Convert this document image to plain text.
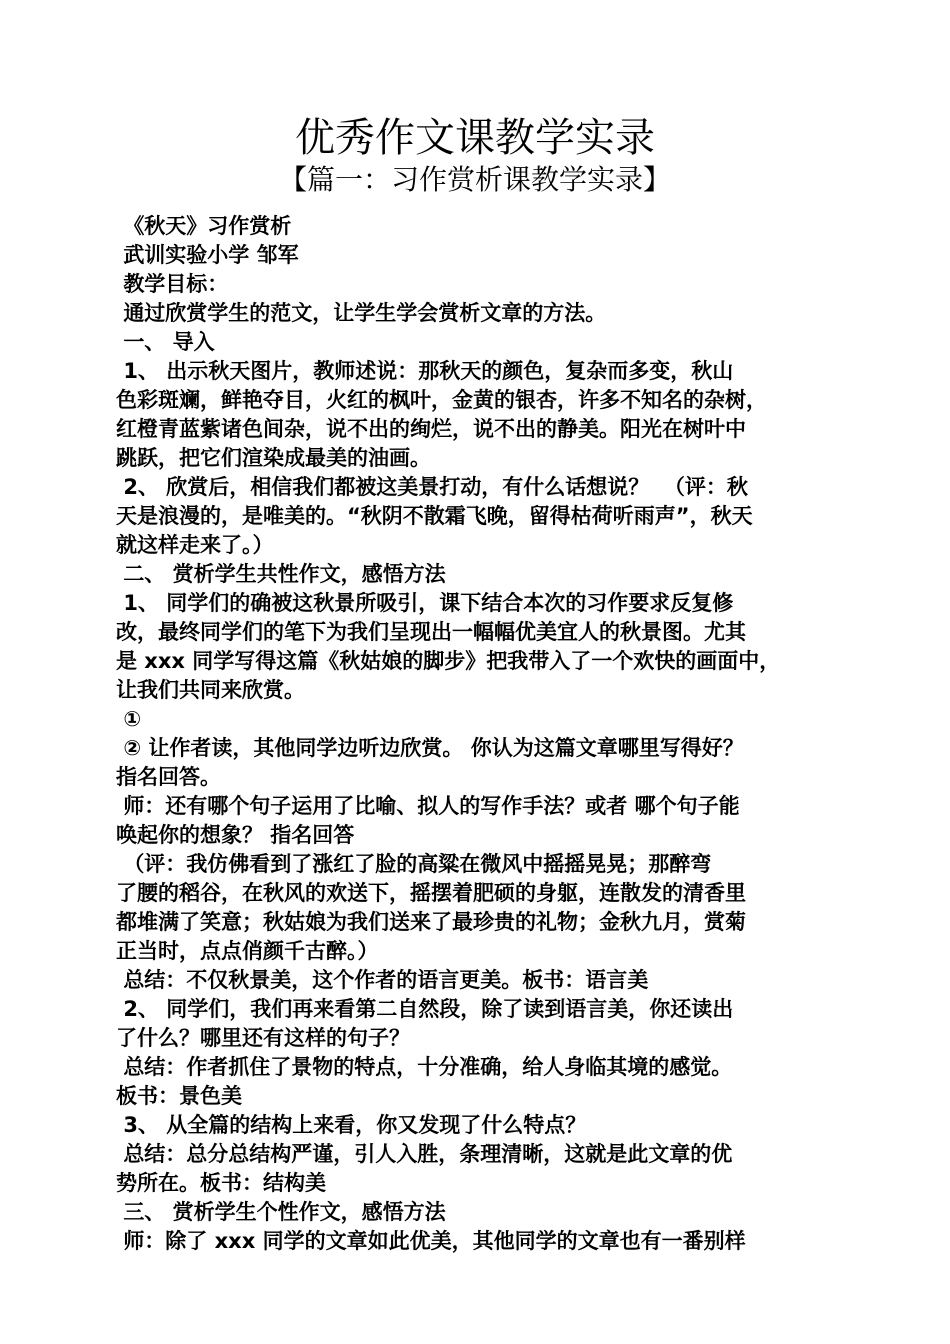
优秀作文课教学实录
【篇一：习作赏析课教学实录】

《秋天》习作赏析

武训实验小学 邹军

教学目标：

通过欣赏学生的范文，让学生学会赏析文章的方法。

一、 导入

1、 出示秋天图片，教师述说：那秋天的颜色，复杂而多变，秋山

色彩斑斓，鲜艳夺目，火红的枫叶，金黄的银杏，许多不知名的杂树，

红橙青蓝紫诸色间杂，说不出的绚烂，说不出的静美。阳光在树叶中

跳跃，把它们渲染成最美的油画。

2、 欣赏后，相信我们都被这美景打动，有什么话想说？  （评：秋

天是浪漫的，是唯美的。“秋阴不散霜飞晚，留得枯荷听雨声”，秋天

就这样走来了。）

二、 赏析学生共性作文，感悟方法

1、 同学们的确被这秋景所吸引，课下结合本次的习作要求反复修

改，最终同学们的笔下为我们呈现出一幅幅优美宜人的秋景图。尤其

是 xxx 同学写得这篇《秋姑娘的脚步》把我带入了一个欢快的画面中，

让我们共同来欣赏。

①

② 让作者读，其他同学边听边欣赏。 你认为这篇文章哪里写得好？

指名回答。

师：还有哪个句子运用了比喻、拟人的写作手法？或者 哪个句子能

唤起你的想象？ 指名回答

（评：我仿佛看到了涨红了脸的高粱在微风中摇摇晃晃；那醉弯

了腰的稻谷，在秋风的欢送下，摇摆着肥硕的身躯，连散发的清香里

都堆满了笑意；秋姑娘为我们送来了最珍贵的礼物；金秋九月，赏菊

正当时，点点俏颜千古醉。）

总结：不仅秋景美，这个作者的语言更美。板书：语言美

2、 同学们，我们再来看第二自然段，除了读到语言美，你还读出

了什么？哪里还有这样的句子？

总结：作者抓住了景物的特点，十分准确，给人身临其境的感觉。

板书：景色美

3、 从全篇的结构上来看，你又发现了什么特点？

总结：总分总结构严谨，引人入胜，条理清晰，这就是此文章的优

势所在。板书：结构美

三、 赏析学生个性作文，感悟方法

师：除了 xxx 同学的文章如此优美，其他同学的文章也有一番别样
